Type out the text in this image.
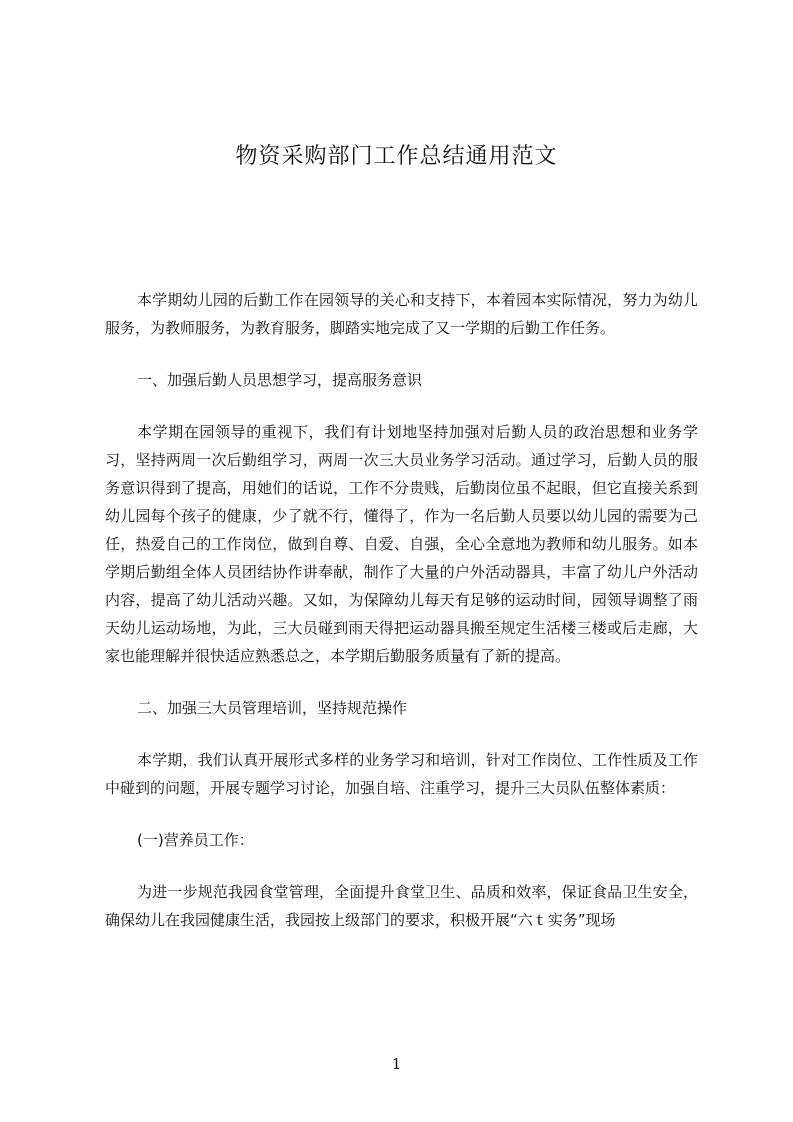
物资采购部门工作总结通用范文

本学期幼儿园的后勤工作在园领导的关心和支持下，本着园本实际情况，努力为幼儿服务，为教师服务，为教育服务，脚踏实地完成了又一学期的后勤工作任务。

一、加强后勤人员思想学习，提高服务意识

本学期在园领导的重视下，我们有计划地坚持加强对后勤人员的政治思想和业务学习，坚持两周一次后勤组学习，两周一次三大员业务学习活动。通过学习，后勤人员的服务意识得到了提高，用她们的话说，工作不分贵贱，后勤岗位虽不起眼，但它直接关系到幼儿园每个孩子的健康，少了就不行，懂得了，作为一名后勤人员要以幼儿园的需要为己任，热爱自己的工作岗位，做到自尊、自爱、自强，全心全意地为教师和幼儿服务。如本学期后勤组全体人员团结协作讲奉献，制作了大量的户外活动器具，丰富了幼儿户外活动内容，提高了幼儿活动兴趣。又如，为保障幼儿每天有足够的运动时间，园领导调整了雨天幼儿运动场地，为此，三大员碰到雨天得把运动器具搬至规定生活楼三楼或后走廊，大家也能理解并很快适应熟悉总之，本学期后勤服务质量有了新的提高。

二、加强三大员管理培训，坚持规范操作

本学期，我们认真开展形式多样的业务学习和培训，针对工作岗位、工作性质及工作中碰到的问题，开展专题学习讨论，加强自培、注重学习，提升三大员队伍整体素质：

(一)营养员工作：

为进一步规范我园食堂管理，全面提升食堂卫生、品质和效率，保证食品卫生安全，确保幼儿在我园健康生活，我园按上级部门的要求，积极开展“六ｔ实务”现场

1
